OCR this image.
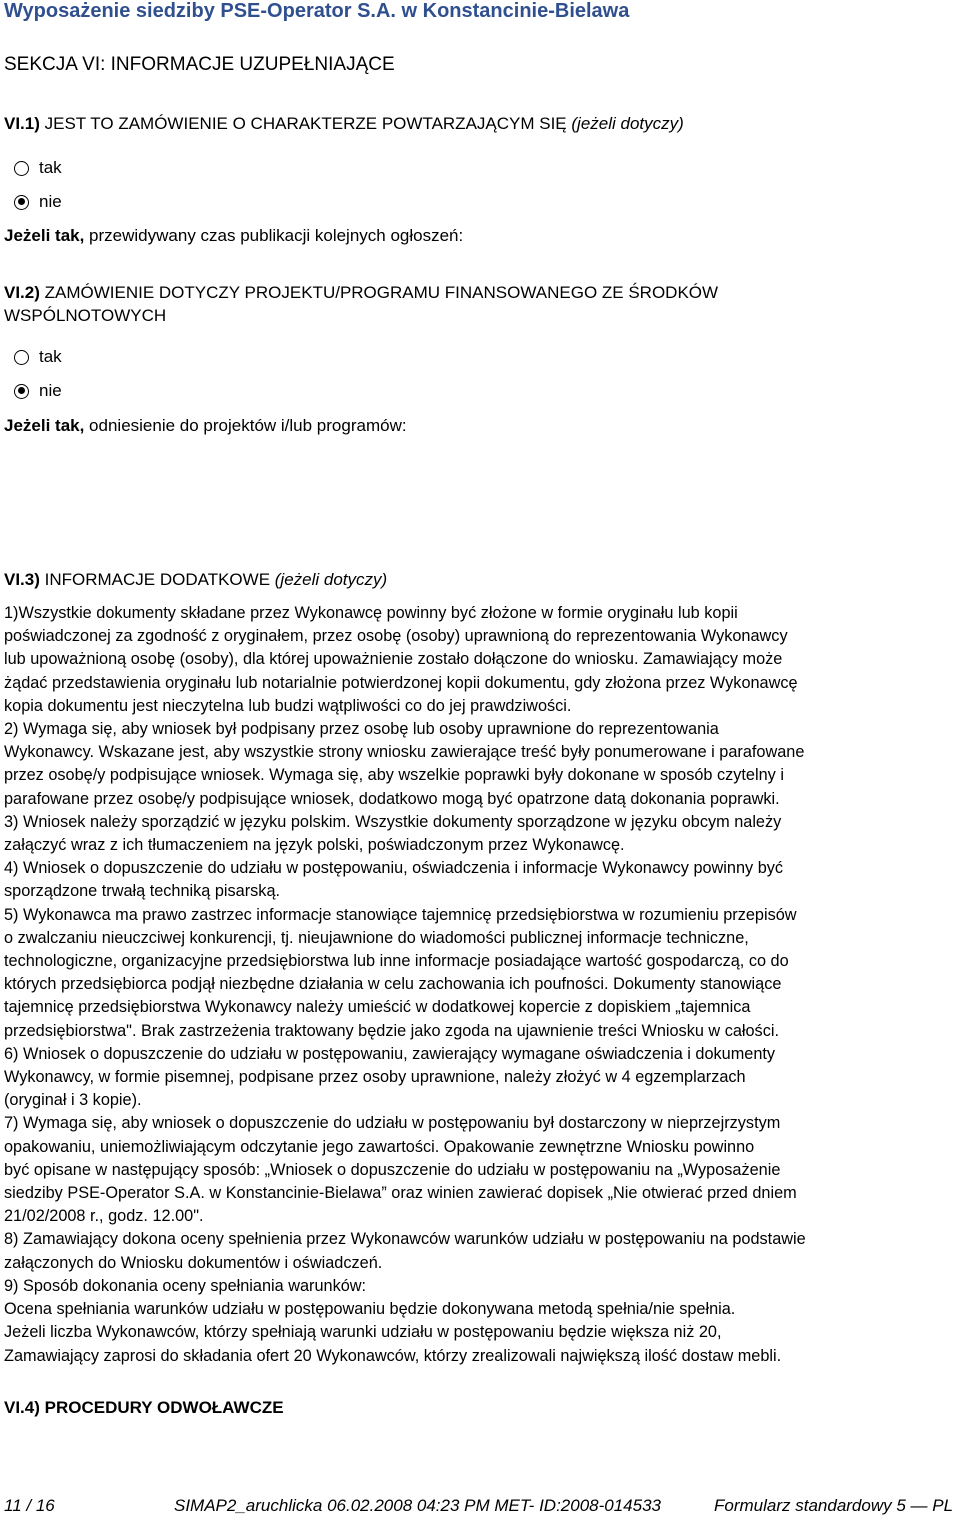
Wyposażenie siedziby PSE-Operator S.A. w Konstancinie-Bielawa
SEKCJA VI: INFORMACJE UZUPEŁNIAJĄCE
VI.1) JEST TO ZAMÓWIENIE O CHARAKTERZE POWTARZAJĄCYM SIĘ (jeżeli dotyczy)
tak
nie
Jeżeli tak, przewidywany czas publikacji kolejnych ogłoszeń:
VI.2) ZAMÓWIENIE DOTYCZY PROJEKTU/PROGRAMU FINANSOWANEGO ZE ŚRODKÓW
WSPÓLNOTOWYCH
tak
nie
Jeżeli tak, odniesienie do projektów i/lub programów:
VI.3) INFORMACJE DODATKOWE (jeżeli dotyczy)

1)Wszystkie dokumenty składane przez Wykonawcę powinny być złożone w formie oryginału lub kopii

poświadczonej za zgodność z oryginałem, przez osobę (osoby) uprawnioną do reprezentowania Wykonawcy

lub upoważnioną osobę (osoby), dla której upoważnienie zostało dołączone do wniosku. Zamawiający może

żądać przedstawienia oryginału lub notarialnie potwierdzonej kopii dokumentu, gdy złożona przez Wykonawcę

kopia dokumentu jest nieczytelna lub budzi wątpliwości co do jej prawdziwości.

2) Wymaga się, aby wniosek był podpisany przez osobę lub osoby uprawnione do reprezentowania

Wykonawcy. Wskazane jest, aby wszystkie strony wniosku zawierające treść były ponumerowane i parafowane

przez osobę/y podpisujące wniosek. Wymaga się, aby wszelkie poprawki były dokonane w sposób czytelny i

parafowane przez osobę/y podpisujące wniosek, dodatkowo mogą być opatrzone datą dokonania poprawki.

3) Wniosek należy sporządzić w języku polskim. Wszystkie dokumenty sporządzone w języku obcym należy

załączyć wraz z ich tłumaczeniem na język polski, poświadczonym przez Wykonawcę.

4) Wniosek o dopuszczenie do udziału w postępowaniu, oświadczenia i informacje Wykonawcy powinny być

sporządzone trwałą techniką pisarską.

5) Wykonawca ma prawo zastrzec informacje stanowiące tajemnicę przedsiębiorstwa w rozumieniu przepisów

o zwalczaniu nieuczciwej konkurencji, tj. nieujawnione do wiadomości publicznej informacje techniczne,

technologiczne, organizacyjne przedsiębiorstwa lub inne informacje posiadające wartość gospodarczą, co do

których przedsiębiorca podjął niezbędne działania w celu zachowania ich poufności. Dokumenty stanowiące

tajemnicę przedsiębiorstwa Wykonawcy należy umieścić w dodatkowej kopercie z dopiskiem „tajemnica

przedsiębiorstwa". Brak zastrzeżenia traktowany będzie jako zgoda na ujawnienie treści Wniosku w całości.

6) Wniosek o dopuszczenie do udziału w postępowaniu, zawierający wymagane oświadczenia i dokumenty

Wykonawcy, w formie pisemnej, podpisane przez osoby uprawnione, należy złożyć w 4 egzemplarzach

(oryginał i 3 kopie).

7) Wymaga się, aby wniosek o dopuszczenie do udziału w postępowaniu był dostarczony w nieprzejrzystym

opakowaniu, uniemożliwiającym odczytanie jego zawartości. Opakowanie zewnętrzne Wniosku powinno

być opisane w następujący sposób: „Wniosek o dopuszczenie do udziału w postępowaniu na „Wyposażenie

siedziby PSE-Operator S.A. w Konstancinie-Bielawa” oraz winien zawierać dopisek „Nie otwierać przed dniem

21/02/2008 r., godz. 12.00".

8) Zamawiający dokona oceny spełnienia przez Wykonawców warunków udziału w postępowaniu na podstawie

załączonych do Wniosku dokumentów i oświadczeń.

9) Sposób dokonania oceny spełniania warunków:

Ocena spełniania warunków udziału w postępowaniu będzie dokonywana metodą spełnia/nie spełnia.

Jeżeli liczba Wykonawców, którzy spełniają warunki udziału w postępowaniu będzie większa niż 20,

Zamawiający zaprosi do składania ofert 20 Wykonawców, którzy zrealizowali największą ilość dostaw mebli.

VI.4) PROCEDURY ODWOŁAWCZE
11 / 16	SIMAP2_aruchlicka 06.02.2008 04:23 PM MET- ID:2008-014533	Formularz standardowy 5 — PL
